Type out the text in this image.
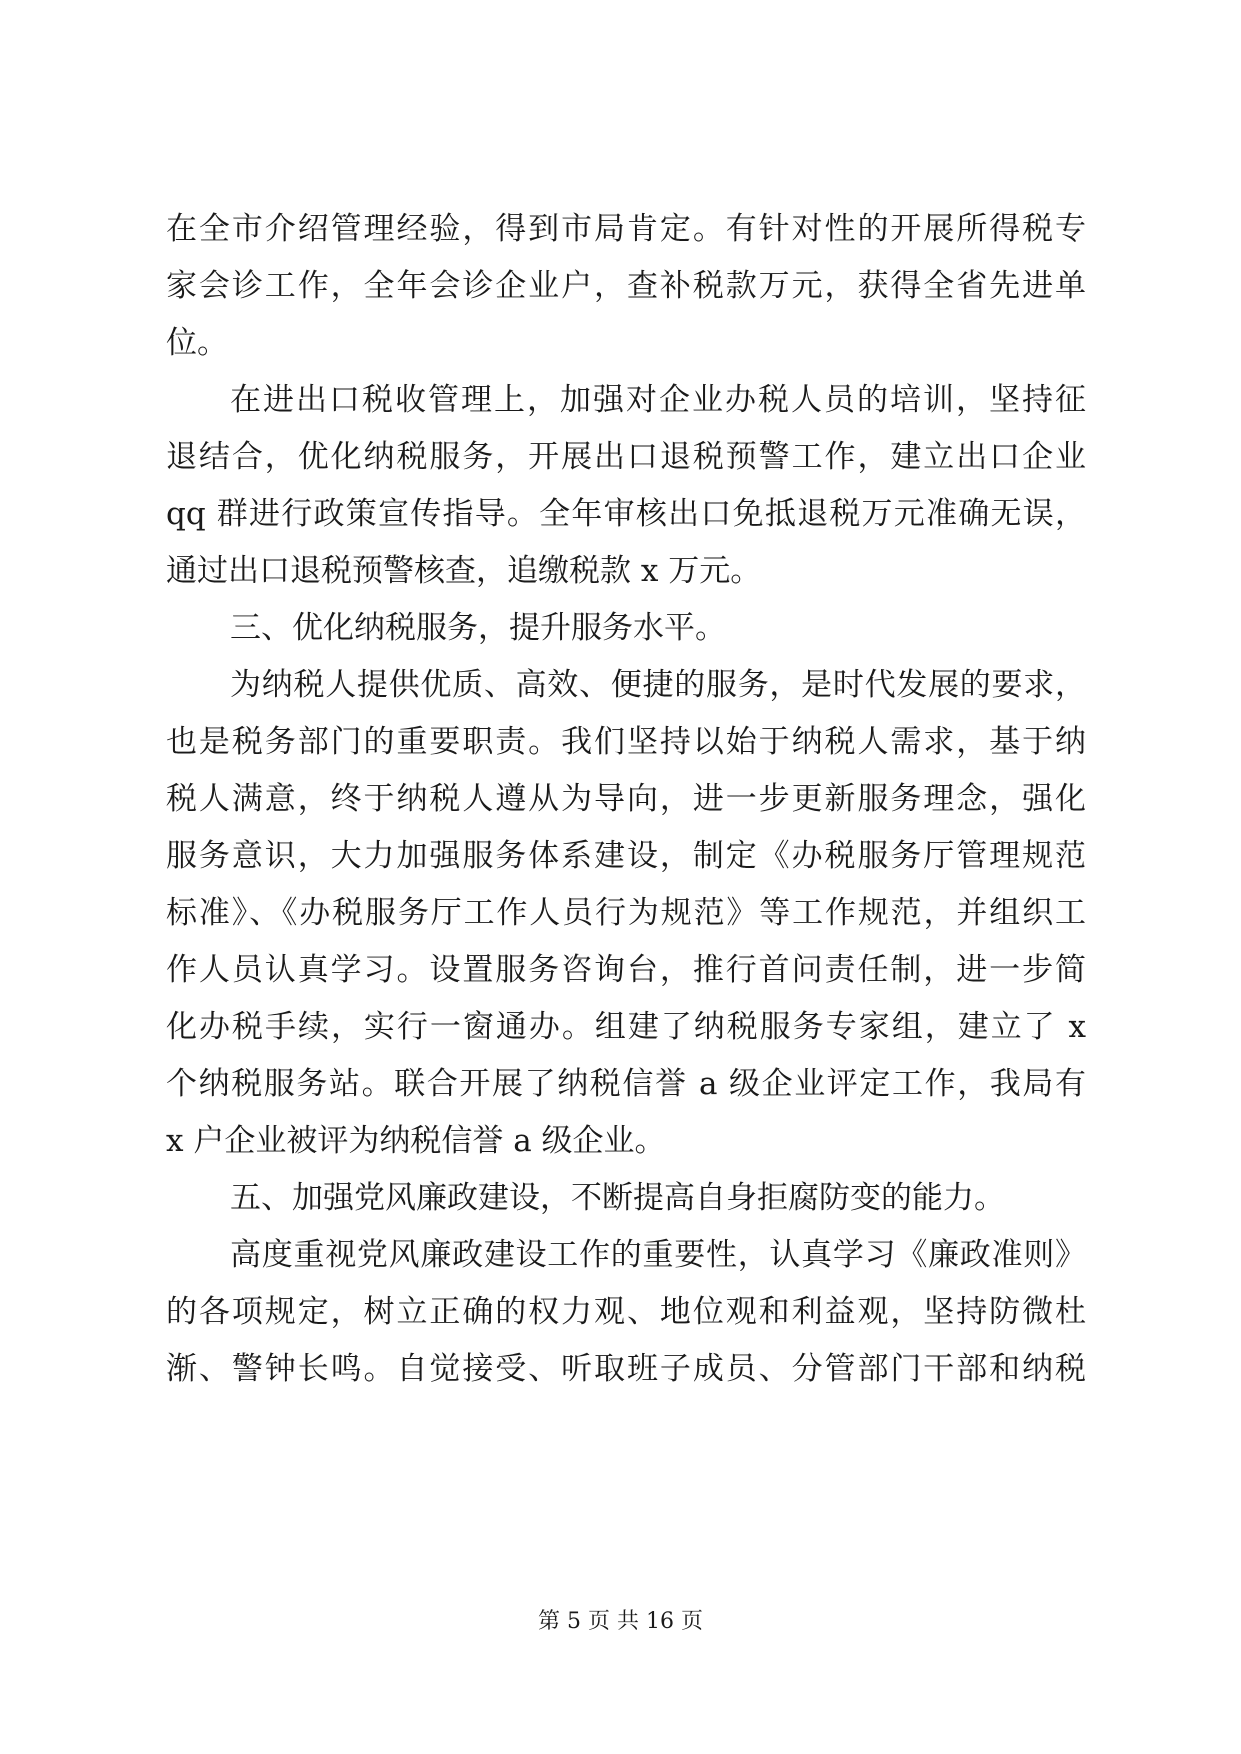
在全市介绍管理经验，得到市局肯定。有针对性的开展所得税专
家会诊工作，全年会诊企业户，查补税款万元，获得全省先进单
位。
在进出口税收管理上，加强对企业办税人员的培训，坚持征
退结合，优化纳税服务，开展出口退税预警工作，建立出口企业
qq 群进行政策宣传指导。全年审核出口免抵退税万元准确无误，
通过出口退税预警核查，追缴税款 x 万元。
三、优化纳税服务，提升服务水平。
为纳税人提供优质、高效、便捷的服务，是时代发展的要求，
也是税务部门的重要职责。我们坚持以始于纳税人需求，基于纳
税人满意，终于纳税人遵从为导向，进一步更新服务理念，强化
服务意识，大力加强服务体系建设，制定《办税服务厅管理规范
标准》、《办税服务厅工作人员行为规范》等工作规范，并组织工
作人员认真学习。设置服务咨询台，推行首问责任制，进一步简
化办税手续，实行一窗通办。组建了纳税服务专家组，建立了 x
个纳税服务站。联合开展了纳税信誉 a 级企业评定工作，我局有
x 户企业被评为纳税信誉 a 级企业。
五、加强党风廉政建设，不断提高自身拒腐防变的能力。
高度重视党风廉政建设工作的重要性，认真学习《廉政准则》
的各项规定，树立正确的权力观、地位观和利益观，坚持防微杜
渐、警钟长鸣。自觉接受、听取班子成员、分管部门干部和纳税
第 5 页 共 16 页
